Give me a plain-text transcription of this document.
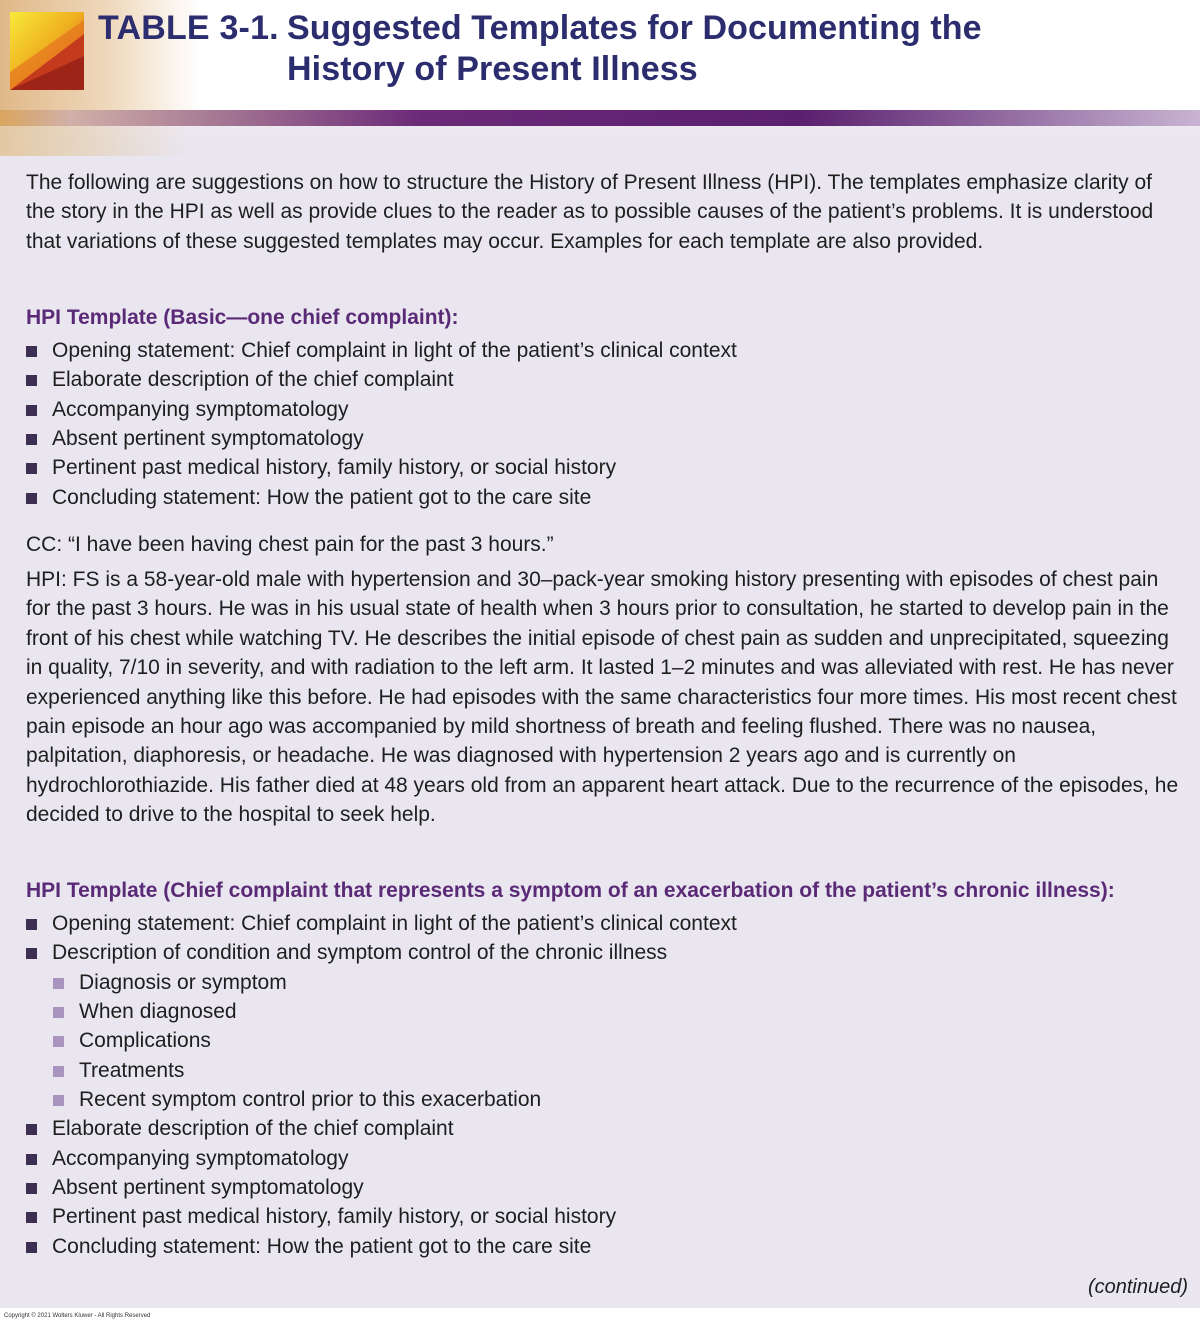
TABLE 3-1. Suggested Templates for Documenting the History of Present Illness
The following are suggestions on how to structure the History of Present Illness (HPI). The templates emphasize clarity of the story in the HPI as well as provide clues to the reader as to possible causes of the patient’s problems. It is understood that variations of these suggested templates may occur. Examples for each template are also provided.
HPI Template (Basic—one chief complaint):
Opening statement: Chief complaint in light of the patient’s clinical context
Elaborate description of the chief complaint
Accompanying symptomatology
Absent pertinent symptomatology
Pertinent past medical history, family history, or social history
Concluding statement: How the patient got to the care site
CC: “I have been having chest pain for the past 3 hours.”
HPI: FS is a 58-year-old male with hypertension and 30–pack-year smoking history presenting with episodes of chest pain for the past 3 hours. He was in his usual state of health when 3 hours prior to consultation, he started to develop pain in the front of his chest while watching TV. He describes the initial episode of chest pain as sudden and unprecipitated, squeezing in quality, 7/10 in severity, and with radiation to the left arm. It lasted 1–2 minutes and was alleviated with rest. He has never experienced anything like this before. He had episodes with the same characteristics four more times. His most recent chest pain episode an hour ago was accompanied by mild shortness of breath and feeling flushed. There was no nausea, palpitation, diaphoresis, or headache. He was diagnosed with hypertension 2 years ago and is currently on hydrochlorothiazide. His father died at 48 years old from an apparent heart attack. Due to the recurrence of the episodes, he decided to drive to the hospital to seek help.
HPI Template (Chief complaint that represents a symptom of an exacerbation of the patient’s chronic illness):
Opening statement: Chief complaint in light of the patient’s clinical context
Description of condition and symptom control of the chronic illness
Diagnosis or symptom
When diagnosed
Complications
Treatments
Recent symptom control prior to this exacerbation
Elaborate description of the chief complaint
Accompanying symptomatology
Absent pertinent symptomatology
Pertinent past medical history, family history, or social history
Concluding statement: How the patient got to the care site
(continued)
Copyright © 2021 Wolters Kluwer - All Rights Reserved
